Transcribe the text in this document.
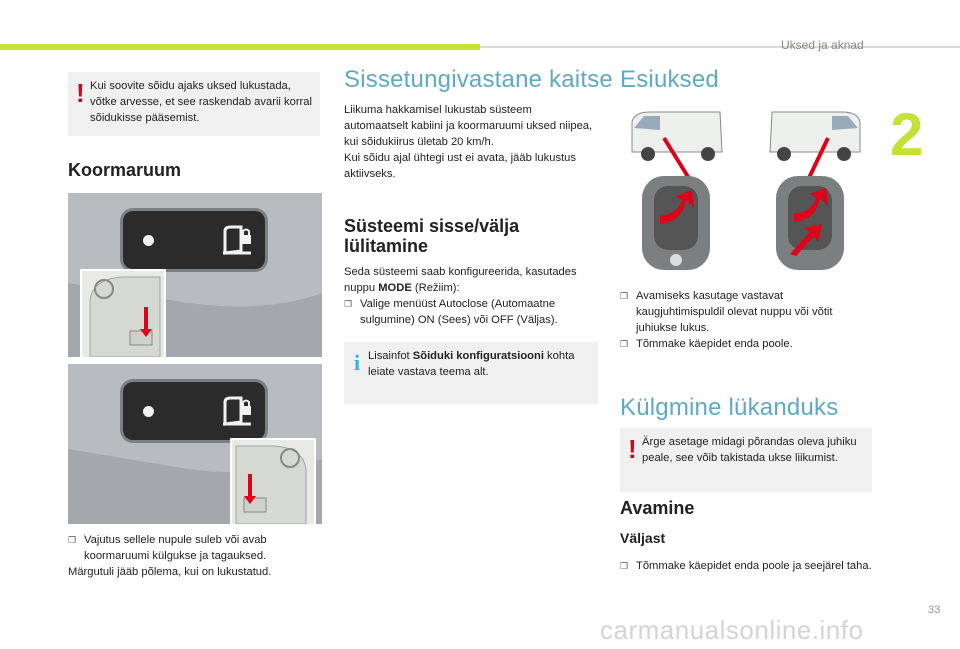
Uksed ja aknad
2
! Kui soovite sõidu ajaks uksed lukustada, võtke arvesse, et see raskendab avarii korral sõidukisse pääsemist.
Koormaruum
❒ Vajutus sellele nupule suleb või avab koormaruumi külgukse ja tagauksed.
Märgutuli jääb põlema, kui on lukustatud.
Sissetungivastane kaitse
Liikuma hakkamisel lukustab süsteem automaatselt kabiini ja koormaruumi uksed niipea, kui sõidukiirus ületab 20 km/h.
Kui sõidu ajal ühtegi ust ei avata, jääb lukustus aktiivseks.
Süsteemi sisse/välja
lülitamine
Seda süsteemi saab konfigureerida, kasutades nuppu MODE (Režiim):
❒ Valige menüüst Autoclose (Automaatne sulgumine) ON (Sees) või OFF (Väljas).
i Lisainfot Sõiduki konfiguratsiooni kohta leiate vastava teema alt.
Esiuksed
❒ Avamiseks kasutage vastavat kaugjuhtimispuldil olevat nuppu või võtit juhiukse lukus.
❒ Tõmmake käepidet enda poole.
Külgmine lükanduks
! Ärge asetage midagi põrandas oleva juhiku peale, see võib takistada ukse liikumist.
Avamine
Väljast
❒ Tõmmake käepidet enda poole ja seejärel taha.
33
carmanualsonline.info
